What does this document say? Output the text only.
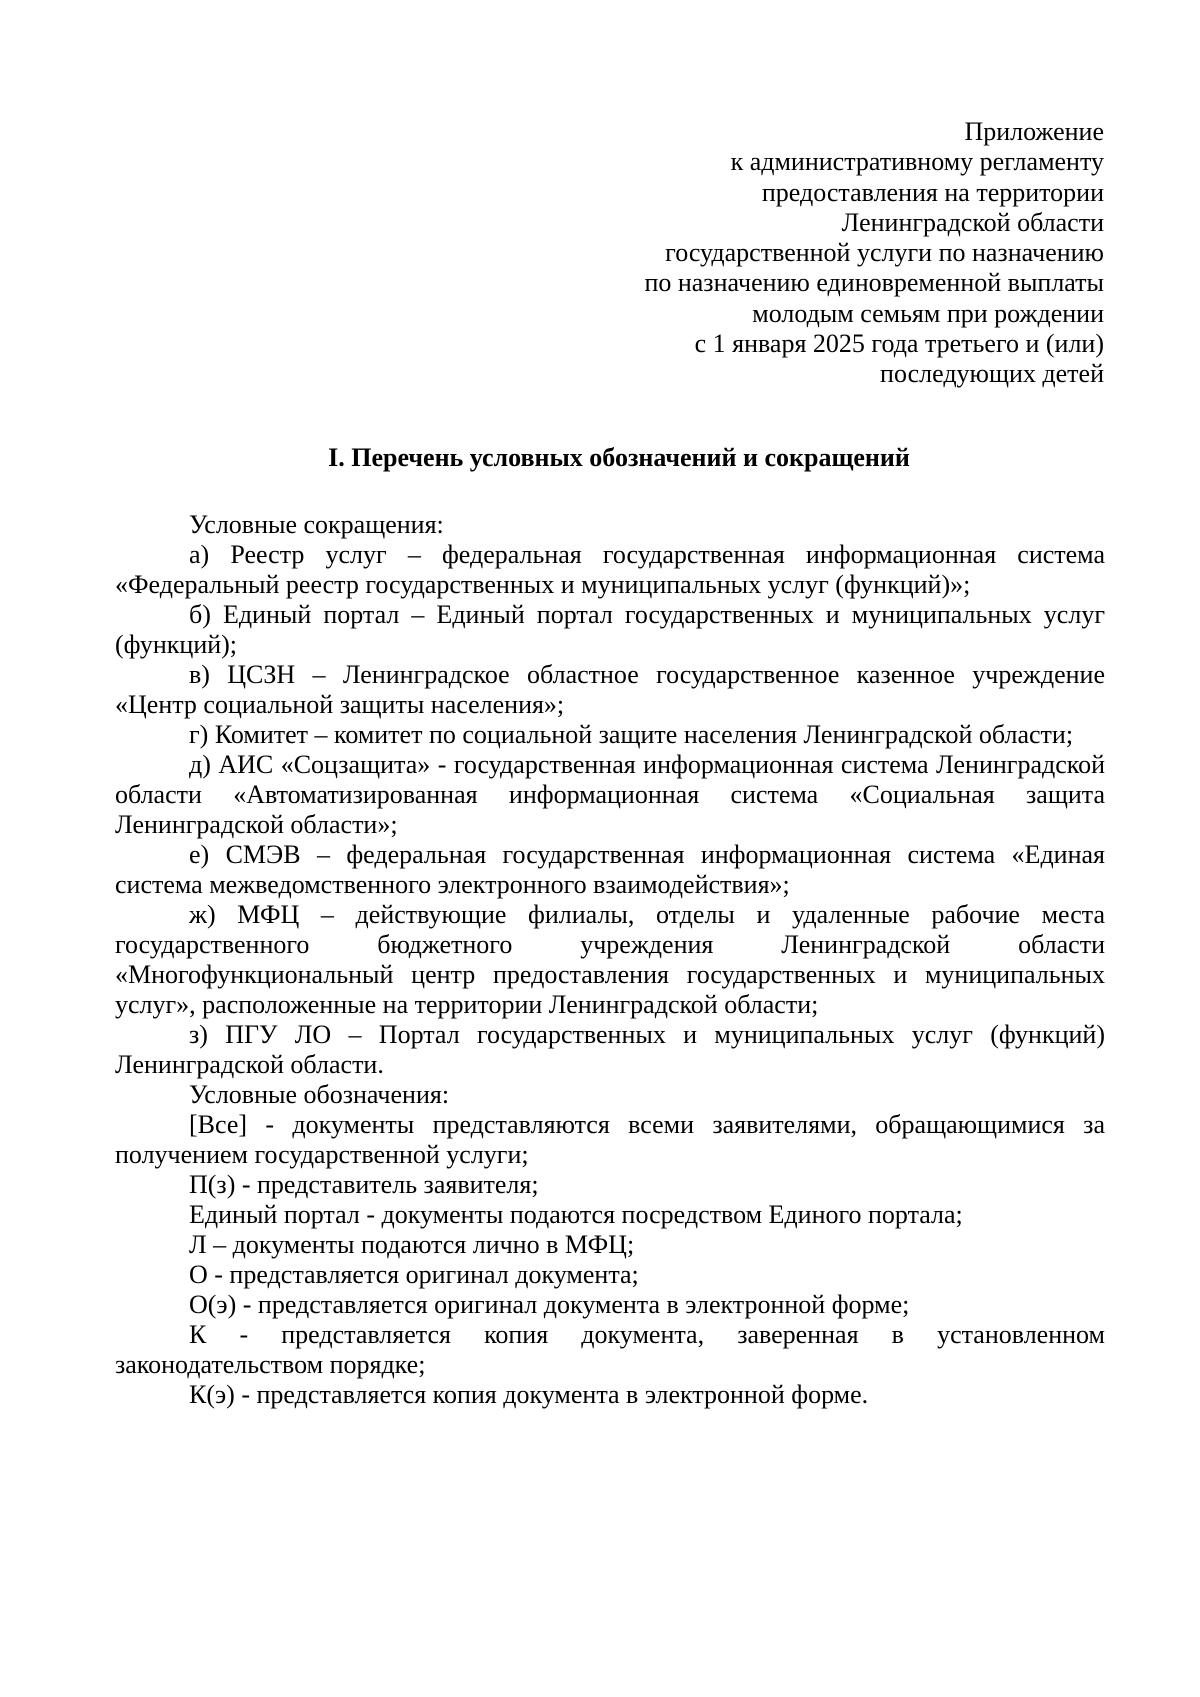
Приложение
к административному регламенту
предоставления на территории
Ленинградской области
государственной услуги по назначению
по назначению единовременной выплаты
молодым семьям при рождении
с 1 января 2025 года третьего и (или)
последующих детей
I. Перечень условных обозначений и сокращений

Условные сокращения:

а) Реестр услуг – федеральная государственная информационная система «Федеральный реестр государственных и муниципальных услуг (функций)»;

б) Единый портал – Единый портал государственных и муниципальных услуг (функций);

в) ЦСЗН – Ленинградское областное государственное казенное учреждение «Центр социальной защиты населения»;

г) Комитет – комитет по социальной защите населения Ленинградской области;

д) АИС «Соцзащита» - государственная информационная система Ленинградской области «Автоматизированная информационная система «Социальная защита Ленинградской области»;

е) СМЭВ – федеральная государственная информационная система «Единая система межведомственного электронного взаимодействия»;

ж) МФЦ – действующие филиалы, отделы и удаленные рабочие места государственного бюджетного учреждения Ленинградской области «Многофункциональный центр предоставления государственных и муниципальных услуг», расположенные на территории Ленинградской области;

з) ПГУ ЛО – Портал государственных и муниципальных услуг (функций) Ленинградской области.

Условные обозначения:

[Все] - документы представляются всеми заявителями, обращающимися за получением государственной услуги;

П(з) - представитель заявителя;

Единый портал - документы подаются посредством Единого портала;

Л – документы подаются лично в МФЦ;

О - представляется оригинал документа;

О(э) - представляется оригинал документа в электронной форме;

К - представляется копия документа, заверенная в установленном законодательством порядке;

К(э) - представляется копия документа в электронной форме.
